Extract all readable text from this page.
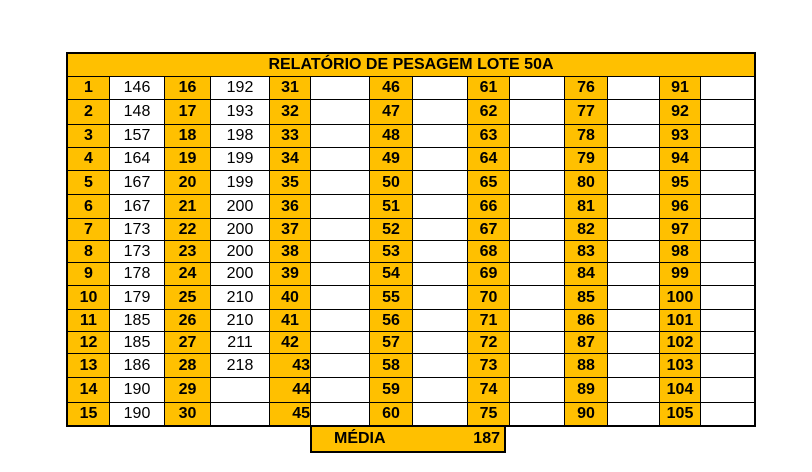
RELATÓRIO DE PESAGEM LOTE 50A
1
2
3
4
5
6
7
8
9
10
11
12
13
14
15
146
148
157
164
167
167
173
173
178
179
185
185
186
190
190
16
17
18
19
20
21
22
23
24
25
26
27
28
29
30
192
193
198
199
199
200
200
200
200
210
210
211
218
31
32
33
34
35
36
37
38
39
40
41
42
43
44
45
46
47
48
49
50
51
52
53
54
55
56
57
58
59
60
61
62
63
64
65
66
67
68
69
70
71
72
73
74
75
76
77
78
79
80
81
82
83
84
85
86
87
88
89
90
91
92
93
94
95
96
97
98
99
100
101
102
103
104
105
MÉDIA	187
